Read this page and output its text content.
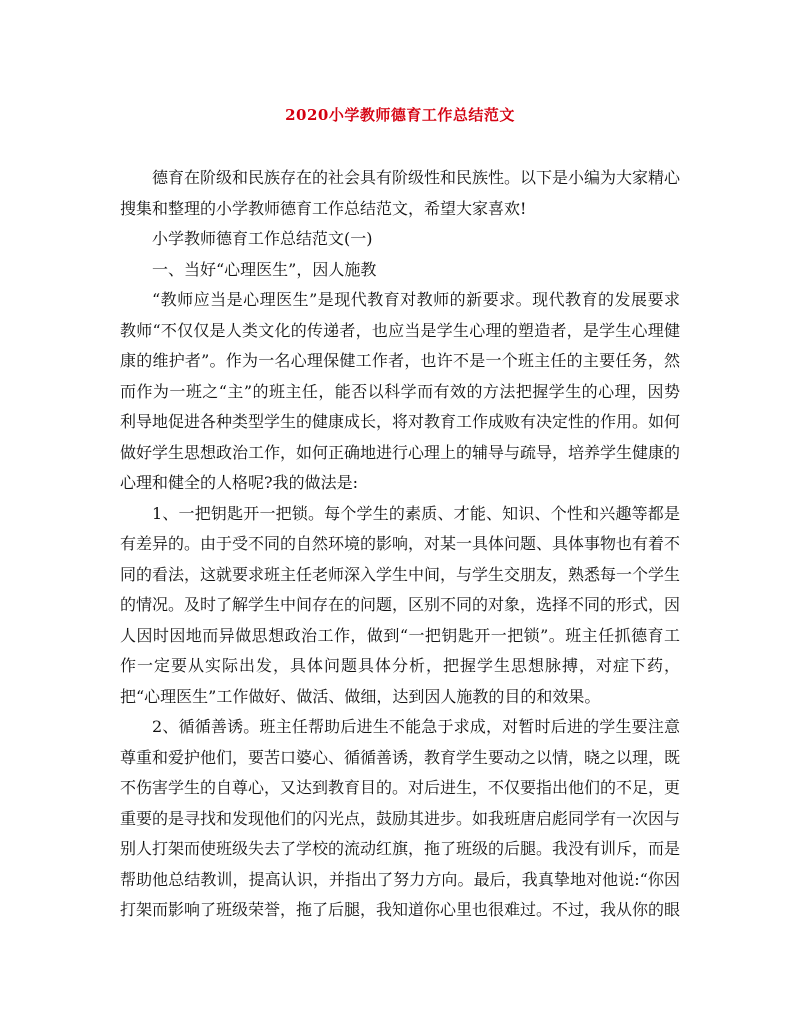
2020小学教师德育工作总结范文

德育在阶级和民族存在的社会具有阶级性和民族性。以下是小编为大家精心搜集和整理的小学教师德育工作总结范文，希望大家喜欢!

小学教师德育工作总结范文(一)

一、当好“心理医生”，因人施教

“教师应当是心理医生”是现代教育对教师的新要求。现代教育的发展要求教师“不仅仅是人类文化的传递者，也应当是学生心理的塑造者，是学生心理健康的维护者”。作为一名心理保健工作者，也许不是一个班主任的主要任务，然而作为一班之“主”的班主任，能否以科学而有效的方法把握学生的心理，因势利导地促进各种类型学生的健康成长，将对教育工作成败有决定性的作用。如何做好学生思想政治工作，如何正确地进行心理上的辅导与疏导，培养学生健康的心理和健全的人格呢?我的做法是:

1、一把钥匙开一把锁。每个学生的素质、才能、知识、个性和兴趣等都是有差异的。由于受不同的自然环境的影响，对某一具体问题、具体事物也有着不同的看法，这就要求班主任老师深入学生中间，与学生交朋友，熟悉每一个学生的情况。及时了解学生中间存在的问题，区别不同的对象，选择不同的形式，因人因时因地而异做思想政治工作，做到“一把钥匙开一把锁”。班主任抓德育工作一定要从实际出发，具体问题具体分析，把握学生思想脉搏，对症下药，把“心理医生”工作做好、做活、做细，达到因人施教的目的和效果。

2、循循善诱。班主任帮助后进生不能急于求成，对暂时后进的学生要注意尊重和爱护他们，要苦口婆心、循循善诱，教育学生要动之以情，晓之以理，既不伤害学生的自尊心，又达到教育目的。对后进生，不仅要指出他们的不足，更重要的是寻找和发现他们的闪光点，鼓励其进步。如我班唐启彪同学有一次因与别人打架而使班级失去了学校的流动红旗，拖了班级的后腿。我没有训斥，而是帮助他总结教训，提高认识，并指出了努力方向。最后，我真挚地对他说:“你因打架而影响了班级荣誉，拖了后腿，我知道你心里也很难过。不过，我从你的眼
